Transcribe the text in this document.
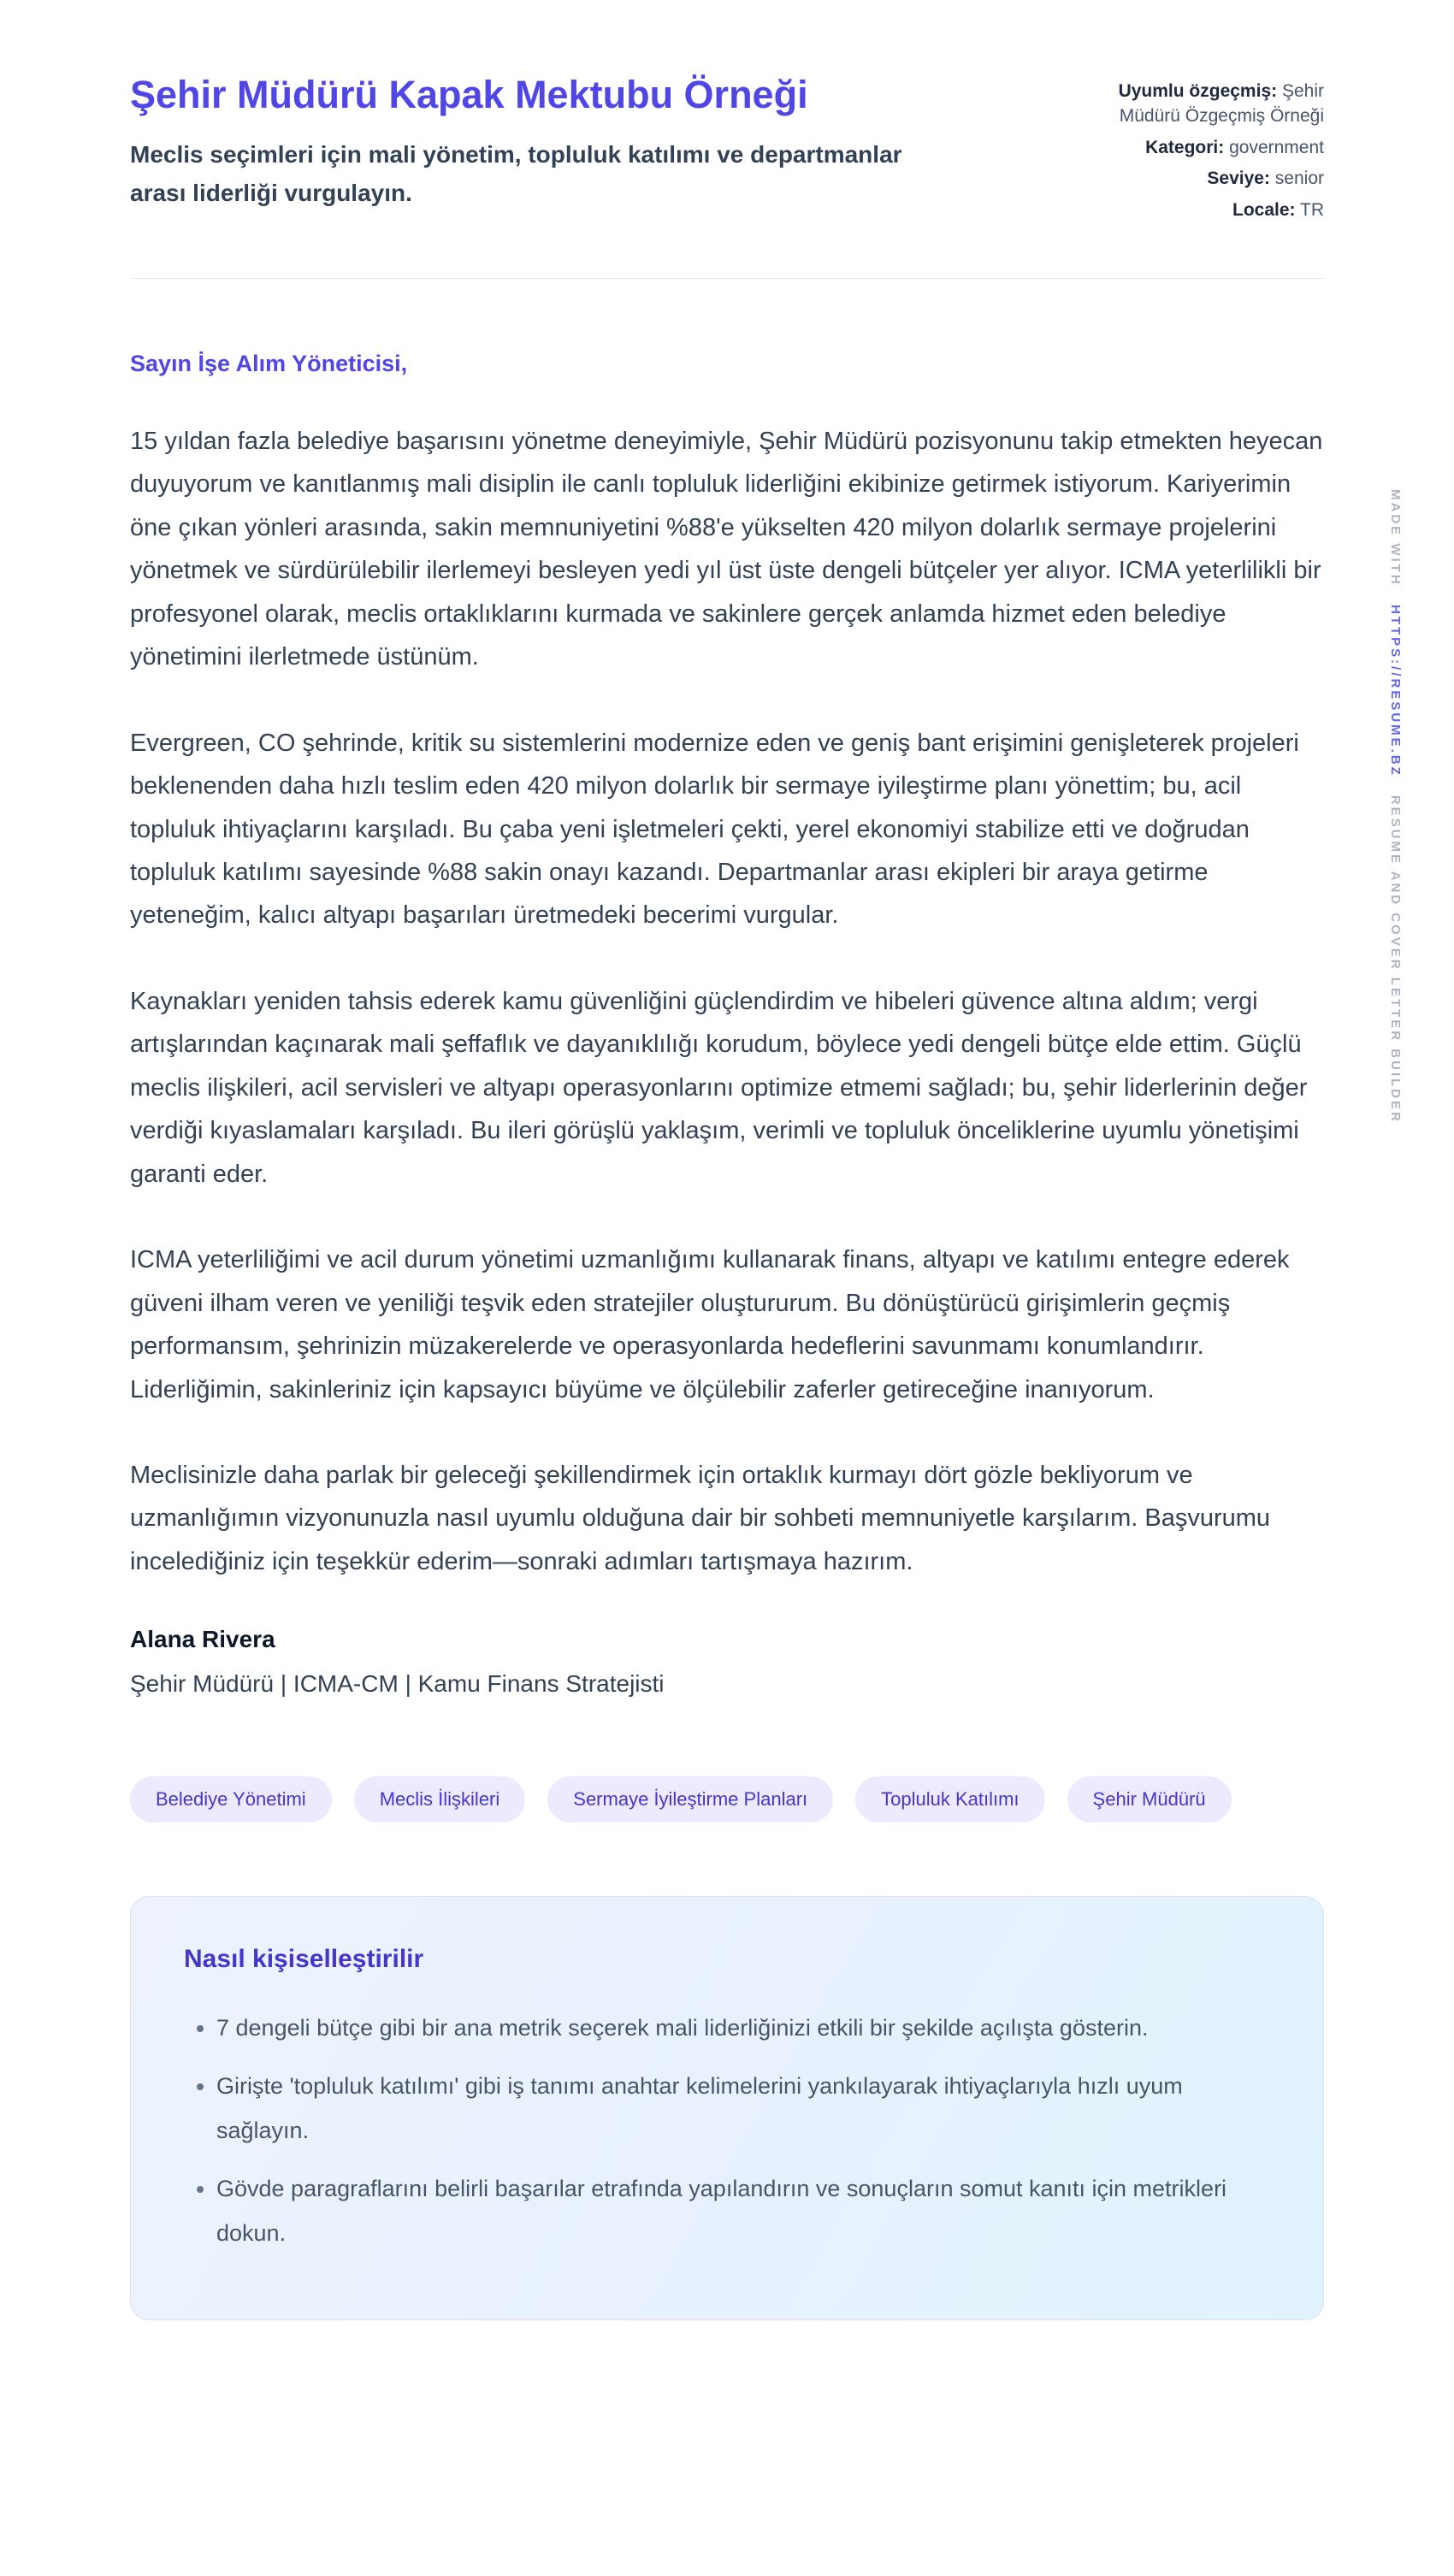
MADE WITH HTTPS://RESUME.BZ RESUME AND COVER LETTER BUILDER
Şehir Müdürü Kapak Mektubu Örneği

Meclis seçimleri için mali yönetim, topluluk katılımı ve departmanlar arası liderliği vurgulayın.

Uyumlu özgeçmiş: Şehir Müdürü Özgeçmiş Örneği
Kategori: government
Seviye: senior
Locale: TR

Sayın İşe Alım Yöneticisi,

15 yıldan fazla belediye başarısını yönetme deneyimiyle, Şehir Müdürü pozisyonunu takip etmekten heyecan duyuyorum ve kanıtlanmış mali disiplin ile canlı topluluk liderliğini ekibinize getirmek istiyorum. Kariyerimin öne çıkan yönleri arasında, sakin memnuniyetini %88'e yükselten 420 milyon dolarlık sermaye projelerini yönetmek ve sürdürülebilir ilerlemeyi besleyen yedi yıl üst üste dengeli bütçeler yer alıyor. ICMA yeterlilikli bir profesyonel olarak, meclis ortaklıklarını kurmada ve sakinlere gerçek anlamda hizmet eden belediye yönetimini ilerletmede üstünüm.

Evergreen, CO şehrinde, kritik su sistemlerini modernize eden ve geniş bant erişimini genişleterek projeleri beklenenden daha hızlı teslim eden 420 milyon dolarlık bir sermaye iyileştirme planı yönettim; bu, acil topluluk ihtiyaçlarını karşıladı. Bu çaba yeni işletmeleri çekti, yerel ekonomiyi stabilize etti ve doğrudan topluluk katılımı sayesinde %88 sakin onayı kazandı. Departmanlar arası ekipleri bir araya getirme yeteneğim, kalıcı altyapı başarıları üretmedeki becerimi vurgular.

Kaynakları yeniden tahsis ederek kamu güvenliğini güçlendirdim ve hibeleri güvence altına aldım; vergi artışlarından kaçınarak mali şeffaflık ve dayanıklılığı korudum, böylece yedi dengeli bütçe elde ettim. Güçlü meclis ilişkileri, acil servisleri ve altyapı operasyonlarını optimize etmemi sağladı; bu, şehir liderlerinin değer verdiği kıyaslamaları karşıladı. Bu ileri görüşlü yaklaşım, verimli ve topluluk önceliklerine uyumlu yönetişimi garanti eder.

ICMA yeterliliğimi ve acil durum yönetimi uzmanlığımı kullanarak finans, altyapı ve katılımı entegre ederek güveni ilham veren ve yeniliği teşvik eden stratejiler oluştururum. Bu dönüştürücü girişimlerin geçmiş performansım, şehrinizin müzakerelerde ve operasyonlarda hedeflerini savunmamı konumlandırır. Liderliğimin, sakinleriniz için kapsayıcı büyüme ve ölçülebilir zaferler getireceğine inanıyorum.

Meclisinizle daha parlak bir geleceği şekillendirmek için ortaklık kurmayı dört gözle bekliyorum ve uzmanlığımın vizyonunuzla nasıl uyumlu olduğuna dair bir sohbeti memnuniyetle karşılarım. Başvurumu incelediğiniz için teşekkür ederim—sonraki adımları tartışmaya hazırım.

Alana Rivera

Şehir Müdürü | ICMA-CM | Kamu Finans Stratejisti

Belediye Yönetimi	Meclis İlişkileri	Sermaye İyileştirme Planları	Topluluk Katılımı	Şehir Müdürü
Nasıl kişiselleştirilir
• 7 dengeli bütçe gibi bir ana metrik seçerek mali liderliğinizi etkili bir şekilde açılışta gösterin.
• Girişte 'topluluk katılımı' gibi iş tanımı anahtar kelimelerini yankılayarak ihtiyaçlarıyla hızlı uyum sağlayın.
• Gövde paragraflarını belirli başarılar etrafında yapılandırın ve sonuçların somut kanıtı için metrikleri dokun.
